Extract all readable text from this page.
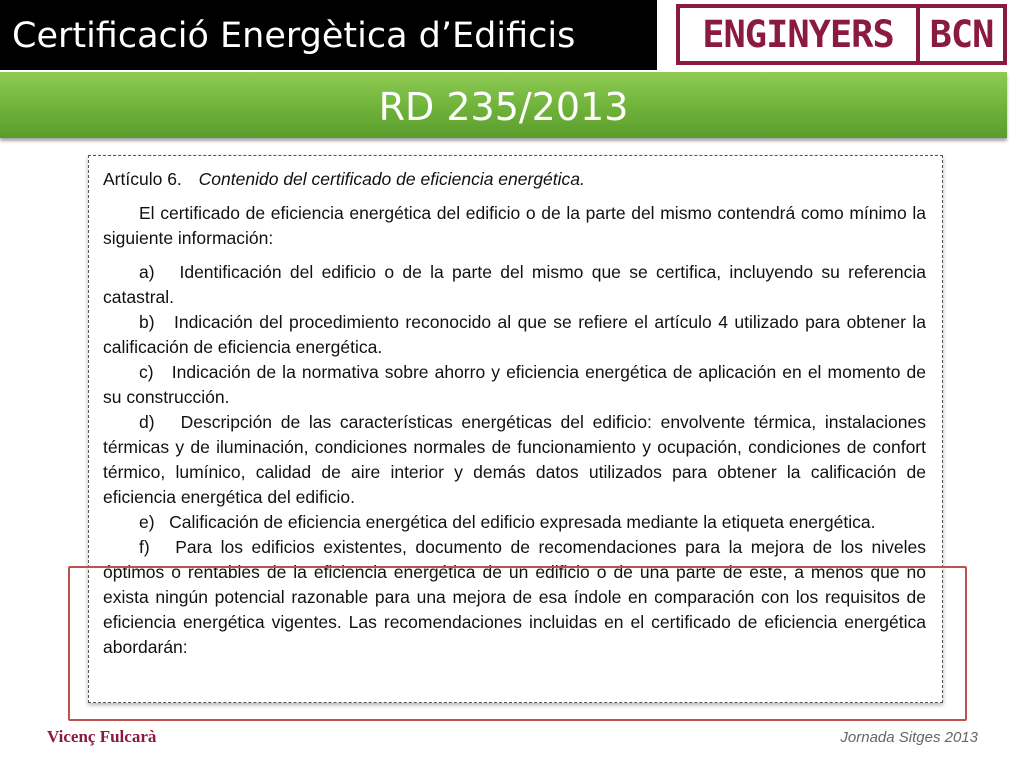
Certificació Energètica d’Edificis	ENGINYERS BCN
RD 235/2013

Artículo 6. Contenido del certificado de eficiencia energética.

El certificado de eficiencia energética del edificio o de la parte del mismo contendrá como mínimo la siguiente información:

a) Identificación del edificio o de la parte del mismo que se certifica, incluyendo su referencia catastral.

b) Indicación del procedimiento reconocido al que se refiere el artículo 4 utilizado para obtener la calificación de eficiencia energética.

c) Indicación de la normativa sobre ahorro y eficiencia energética de aplicación en el momento de su construcción.

d) Descripción de las características energéticas del edificio: envolvente térmica, instalaciones térmicas y de iluminación, condiciones normales de funcionamiento y ocupación, condiciones de confort térmico, lumínico, calidad de aire interior y demás datos utilizados para obtener la calificación de eficiencia energética del edificio.

e) Calificación de eficiencia energética del edificio expresada mediante la etiqueta energética.

f) Para los edificios existentes, documento de recomendaciones para la mejora de los niveles óptimos o rentables de la eficiencia energética de un edificio o de una parte de este, a menos que no exista ningún potencial razonable para una mejora de esa índole en comparación con los requisitos de eficiencia energética vigentes. Las recomendaciones incluidas en el certificado de eficiencia energética abordarán:

Vicenç Fulcarà	Jornada Sitges 2013
